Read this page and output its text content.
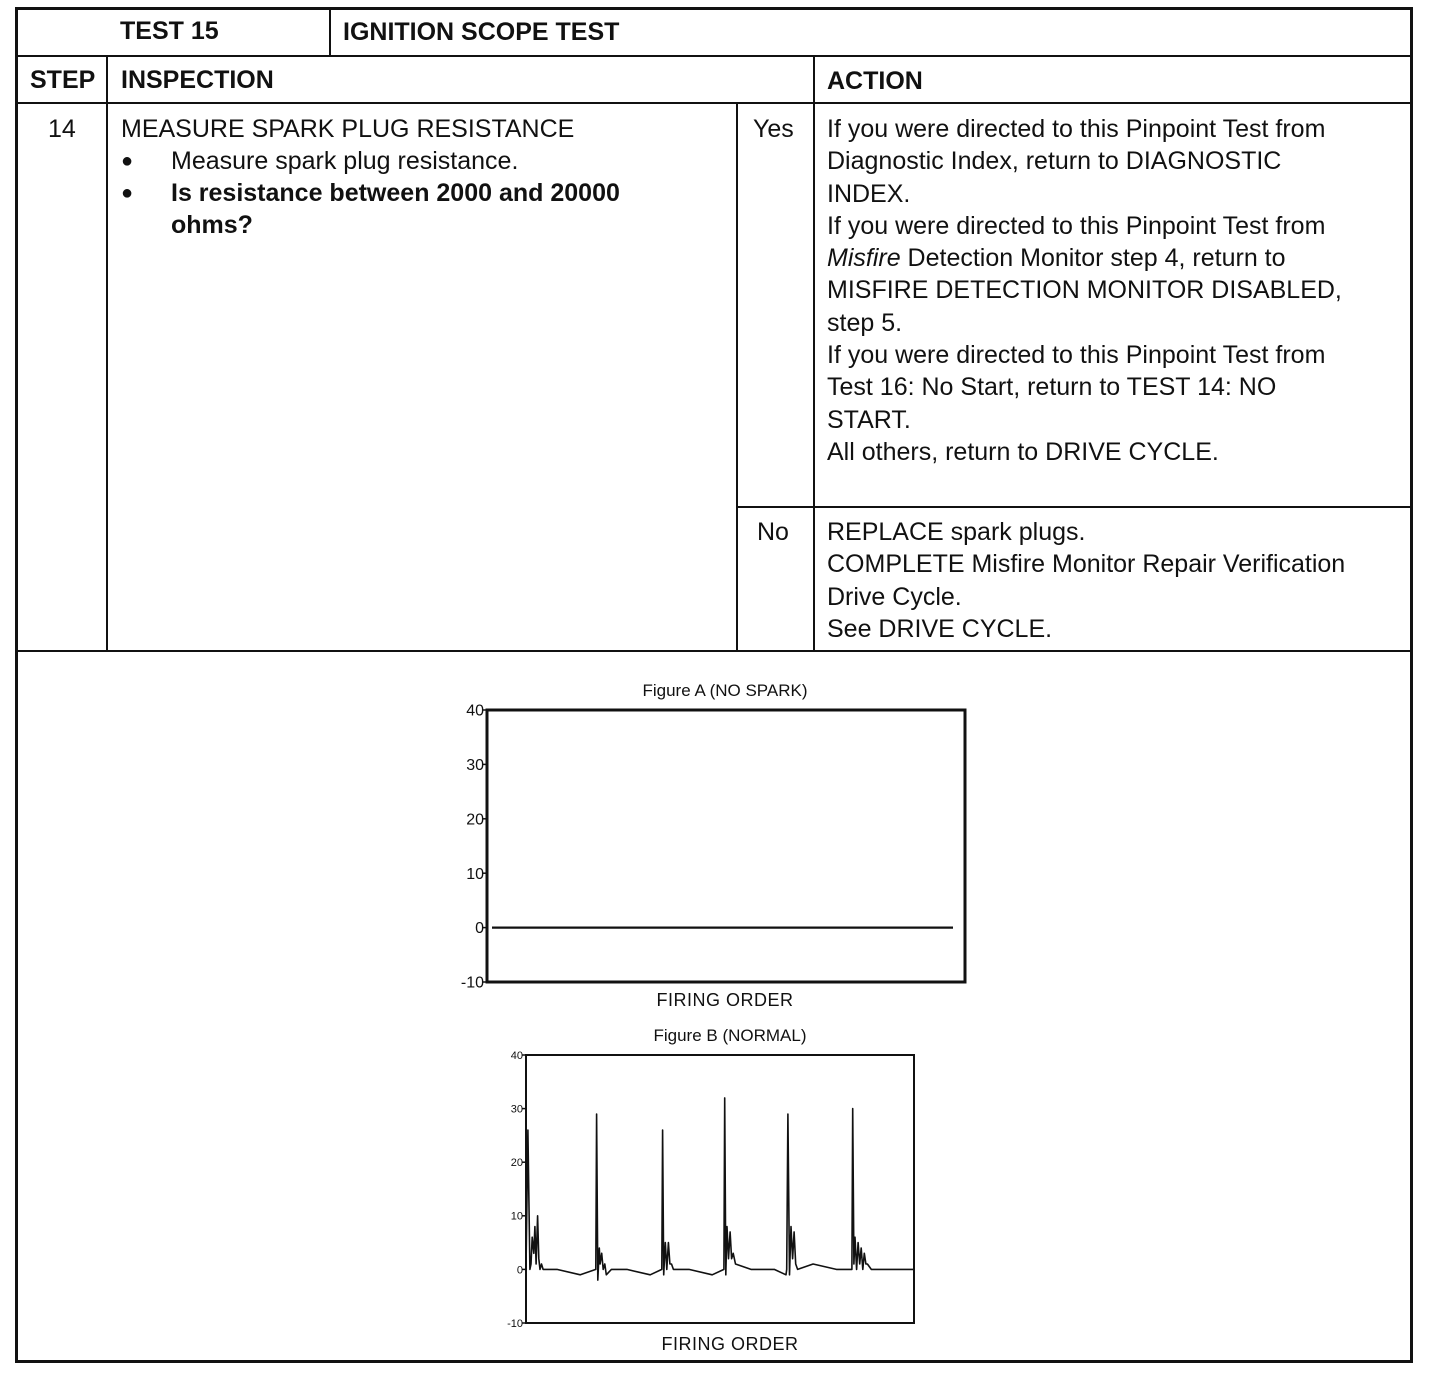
TEST 15	IGNITION SCOPE TEST
STEP INSPECTION	ACTION
14 MEASURE SPARK PLUG RESISTANCE
● Measure spark plug resistance.
● Is resistance between 2000 and 20000
ohms?
Yes If you were directed to this Pinpoint Test from
Diagnostic Index, return to DIAGNOSTIC
INDEX.
If you were directed to this Pinpoint Test from
Misfire Detection Monitor step 4, return to
MISFIRE DETECTION MONITOR DISABLED,
step 5.
If you were directed to this Pinpoint Test from
Test 16: No Start, return to TEST 14: NO
START.
All others, return to DRIVE CYCLE.
No REPLACE spark plugs.
COMPLETE Misfire Monitor Repair Verification
Drive Cycle.
See DRIVE CYCLE.
Figure A (NO SPARK)
40
30
20
10
0
-10
FIRING ORDER
Figure B (NORMAL)
40
30
20
10
0
-10
FIRING ORDER
